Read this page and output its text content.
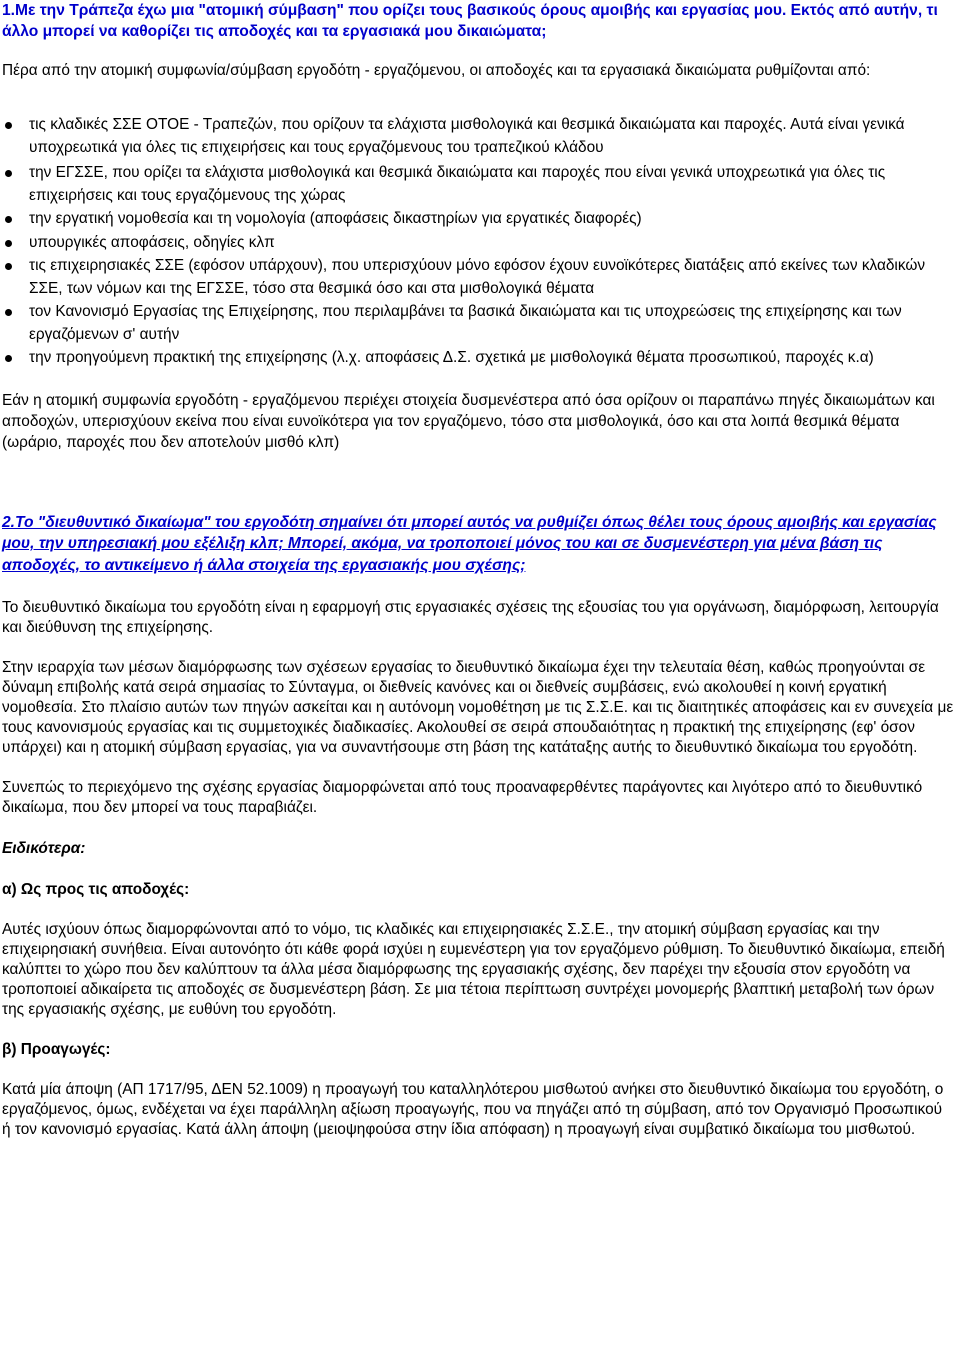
1.Με την Τράπεζα έχω μια "ατομική σύμβαση" που ορίζει τους βασικούς όρους αμοιβής και εργασίας μου. Εκτός από αυτήν, τι άλλο μπορεί να καθορίζει τις αποδοχές και τα εργασιακά μου δικαιώματα;

Πέρα από την ατομική συμφωνία/σύμβαση εργοδότη - εργαζόμενου, οι αποδοχές και τα εργασιακά δικαιώματα ρυθμίζονται από:

τις κλαδικές ΣΣΕ ΟΤΟΕ - Τραπεζών, που ορίζουν τα ελάχιστα μισθολογικά και θεσμικά δικαιώματα και παροχές. Αυτά είναι γενικά υποχρεωτικά για όλες τις επιχειρήσεις και τους εργαζόμενους του τραπεζικού κλάδου
την ΕΓΣΣΕ, που ορίζει τα ελάχιστα μισθολογικά και θεσμικά δικαιώματα και παροχές που είναι γενικά υποχρεωτικά για όλες τις επιχειρήσεις και τους εργαζόμενους της χώρας
την εργατική νομοθεσία και τη νομολογία (αποφάσεις δικαστηρίων για εργατικές διαφορές)
υπουργικές αποφάσεις, οδηγίες κλπ
τις επιχειρησιακές ΣΣΕ (εφόσον υπάρχουν), που υπερισχύουν μόνο εφόσον έχουν ευνοϊκότερες διατάξεις από εκείνες των κλαδικών ΣΣΕ, των νόμων και της ΕΓΣΣΕ, τόσο στα θεσμικά όσο και στα μισθολογικά θέματα
τον Κανονισμό Εργασίας της Επιχείρησης, που περιλαμβάνει τα βασικά δικαιώματα και τις υποχρεώσεις της επιχείρησης και των εργαζόμενων σ' αυτήν
την προηγούμενη πρακτική της επιχείρησης (λ.χ. αποφάσεις Δ.Σ. σχετικά με μισθολογικά θέματα προσωπικού, παροχές κ.α)

Εάν η ατομική συμφωνία εργοδότη - εργαζόμενου περιέχει στοιχεία δυσμενέστερα από όσα ορίζουν οι παραπάνω πηγές δικαιωμάτων και αποδοχών, υπερισχύουν εκείνα που είναι ευνοϊκότερα για τον εργαζόμενο, τόσο στα μισθολογικά, όσο και στα λοιπά θεσμικά θέματα (ωράριο, παροχές που δεν αποτελούν μισθό κλπ)

2.Το "διευθυντικό δικαίωμα" του εργοδότη σημαίνει ότι μπορεί αυτός να ρυθμίζει όπως θέλει τους όρους αμοιβής και εργασίας μου, την υπηρεσιακή μου εξέλιξη κλπ; Μπορεί, ακόμα, να τροποποιεί μόνος του και σε δυσμενέστερη για μένα βάση τις αποδοχές, το αντικείμενο ή άλλα στοιχεία της εργασιακής μου σχέσης;

Το διευθυντικό δικαίωμα του εργοδότη είναι η εφαρμογή στις εργασιακές σχέσεις της εξουσίας του για οργάνωση, διαμόρφωση, λειτουργία και διεύθυνση της επιχείρησης.

Στην ιεραρχία των μέσων διαμόρφωσης των σχέσεων εργασίας το διευθυντικό δικαίωμα έχει την τελευταία θέση, καθώς προηγούνται σε δύναμη επιβολής κατά σειρά σημασίας το Σύνταγμα, οι διεθνείς κανόνες και οι διεθνείς συμβάσεις, ενώ ακολουθεί η κοινή εργατική νομοθεσία. Στο πλαίσιο αυτών των πηγών ασκείται και η αυτόνομη νομοθέτηση με τις Σ.Σ.Ε. και τις διαιτητικές αποφάσεις και εν συνεχεία με τους κανονισμούς εργασίας και τις συμμετοχικές διαδικασίες. Ακολουθεί σε σειρά σπουδαιότητας η πρακτική της επιχείρησης (εφ' όσον υπάρχει) και η ατομική σύμβαση εργασίας, για να συναντήσουμε στη βάση της κατάταξης αυτής το διευθυντικό δικαίωμα του εργοδότη.

Συνεπώς το περιεχόμενο της σχέσης εργασίας διαμορφώνεται από τους προαναφερθέντες παράγοντες και λιγότερο από το διευθυντικό δικαίωμα, που δεν μπορεί να τους παραβιάζει.

Ειδικότερα:

α) Ως προς τις αποδοχές:

Αυτές ισχύουν όπως διαμορφώνονται από το νόμο, τις κλαδικές και επιχειρησιακές Σ.Σ.Ε., την ατομική σύμβαση εργασίας και την επιχειρησιακή συνήθεια. Είναι αυτονόητο ότι κάθε φορά ισχύει η ευμενέστερη για τον εργαζόμενο ρύθμιση. Το διευθυντικό δικαίωμα, επειδή καλύπτει το χώρο που δεν καλύπτουν τα άλλα μέσα διαμόρφωσης της εργασιακής σχέσης, δεν παρέχει την εξουσία στον εργοδότη να τροποποιεί αδικαίρετα τις αποδοχές σε δυσμενέστερη βάση. Σε μια τέτοια περίπτωση συντρέχει μονομερής βλαπτική μεταβολή των όρων της εργασιακής σχέσης, με ευθύνη του εργοδότη.

β) Προαγωγές:

Κατά μία άποψη (ΑΠ 1717/95, ΔΕΝ 52.1009) η προαγωγή του καταλληλότερου μισθωτού ανήκει στο διευθυντικό δικαίωμα του εργοδότη, ο εργαζόμενος, όμως, ενδέχεται να έχει παράλληλη αξίωση προαγωγής, που να πηγάζει από τη σύμβαση, από τον Οργανισμό Προσωπικού ή τον κανονισμό εργασίας. Κατά άλλη άποψη (μειοψηφούσα στην ίδια απόφαση) η προαγωγή είναι συμβατικό δικαίωμα του μισθωτού.
